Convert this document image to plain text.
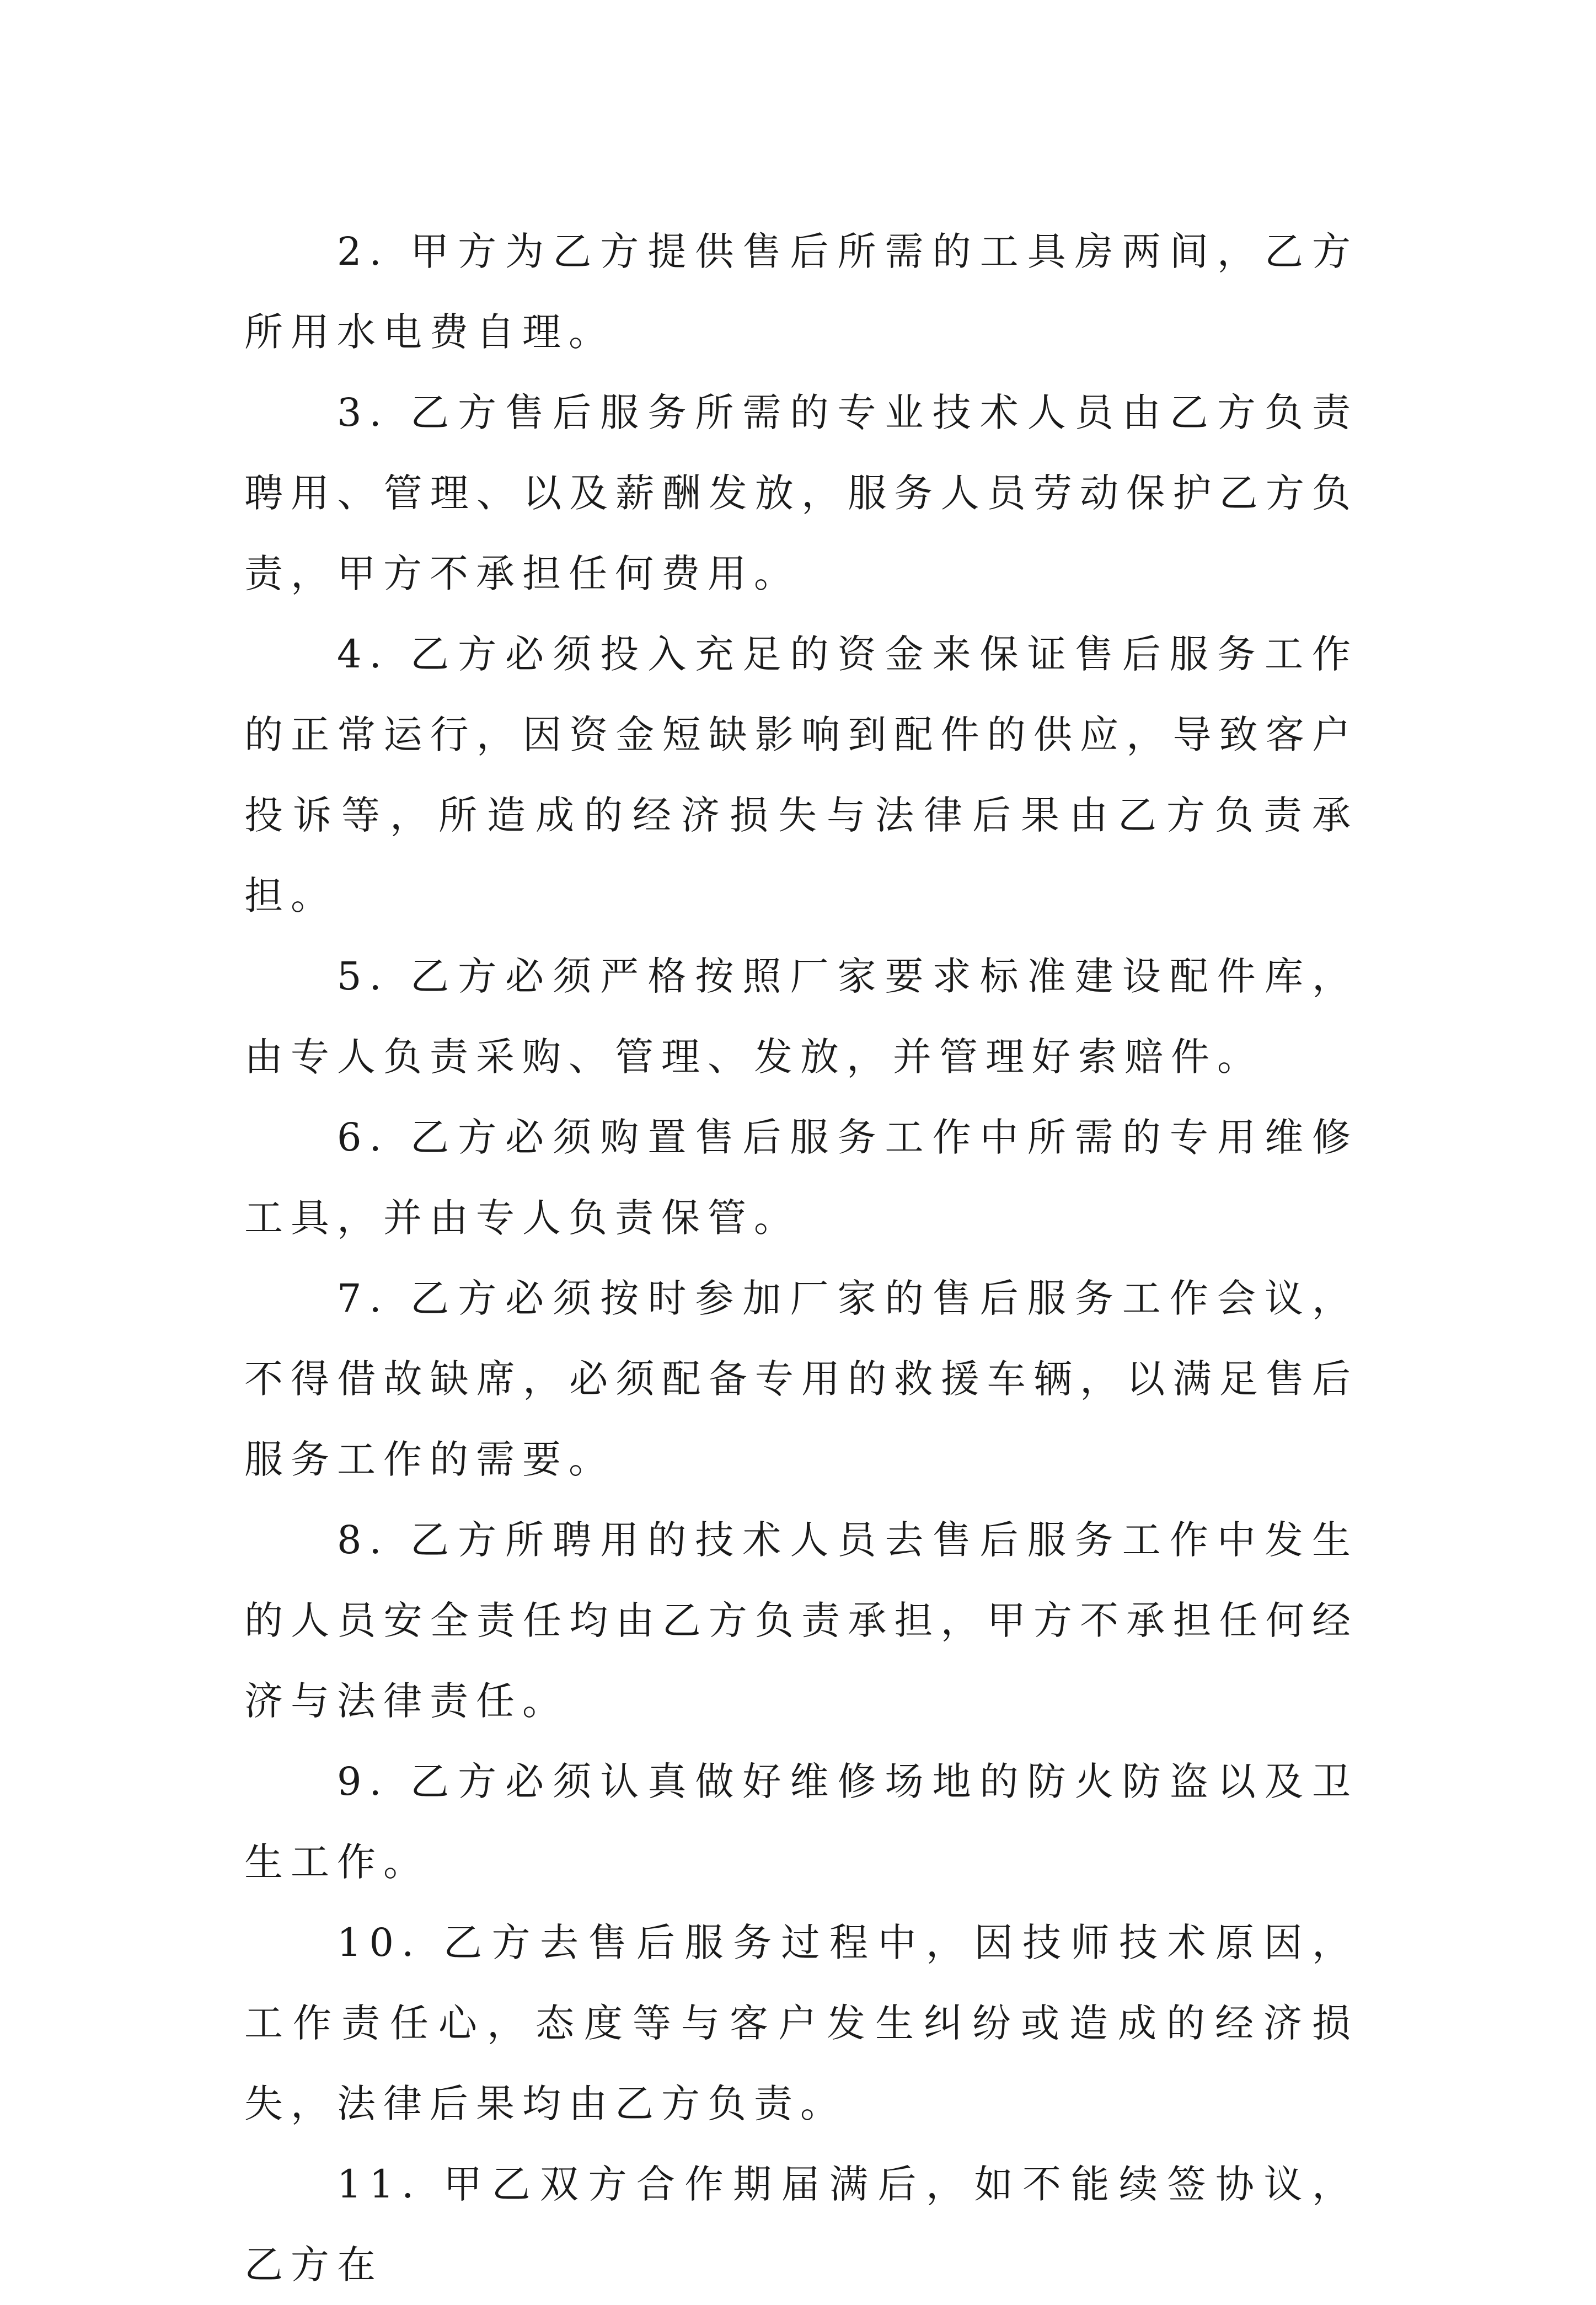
2. 甲方为乙方提供售后所需的工具房两间，乙方所用水电费自理。

3. 乙方售后服务所需的专业技术人员由乙方负责聘用、管理、以及薪酬发放，服务人员劳动保护乙方负责，甲方不承担任何费用。

4. 乙方必须投入充足的资金来保证售后服务工作的正常运行，因资金短缺影响到配件的供应，导致客户投诉等，所造成的经济损失与法律后果由乙方负责承担。

5. 乙方必须严格按照厂家要求标准建设配件库，由专人负责采购、管理、发放，并管理好索赔件。

6. 乙方必须购置售后服务工作中所需的专用维修工具，并由专人负责保管。

7. 乙方必须按时参加厂家的售后服务工作会议，不得借故缺席，必须配备专用的救援车辆，以满足售后服务工作的需要。

8. 乙方所聘用的技术人员去售后服务工作中发生的人员安全责任均由乙方负责承担，甲方不承担任何经济与法律责任。

9. 乙方必须认真做好维修场地的防火防盗以及卫生工作。

10. 乙方去售后服务过程中，因技师技术原因，工作责任心，态度等与客户发生纠纷或造成的经济损失，法律后果均由乙方负责。

11. 甲乙双方合作期届满后，如不能续签协议，乙方在
